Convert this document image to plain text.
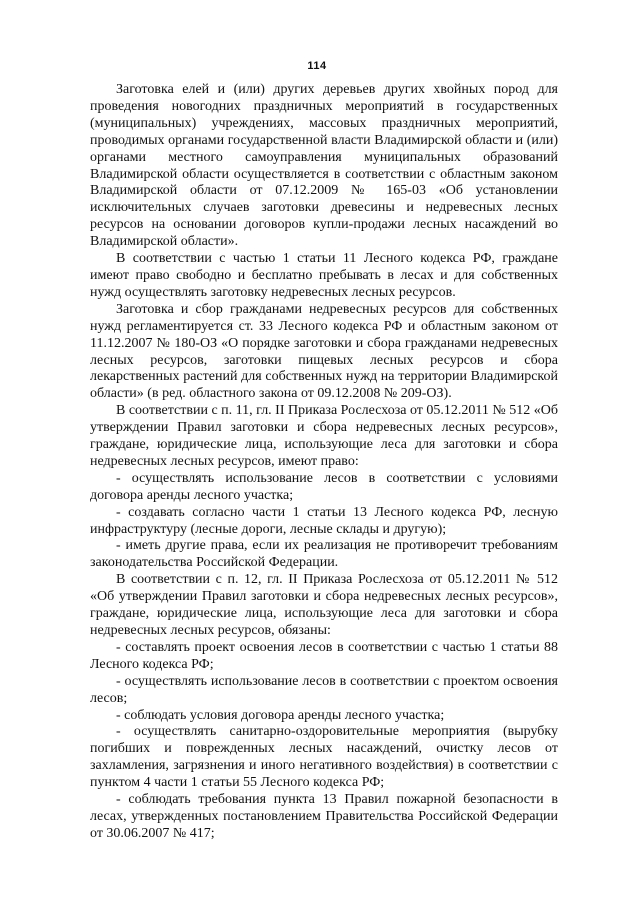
114

Заготовка елей и (или) других деревьев других хвойных пород для проведения новогодних праздничных мероприятий в государственных (муниципальных) учреждениях, массовых праздничных мероприятий, проводимых органами государственной власти Владимирской области и (или) органами местного самоуправления муниципальных образований Владимирской области осуществляется в соответствии с областным законом Владимирской области от 07.12.2009 № 165-03 «Об установлении исключительных случаев заготовки древесины и недревесных лесных ресурсов на основании договоров купли-продажи лесных насаждений во Владимирской области».

В соответствии с частью 1 статьи 11 Лесного кодекса РФ, граждане имеют право свободно и бесплатно пребывать в лесах и для собственных нужд осуществлять заготовку недревесных лесных ресурсов.

Заготовка и сбор гражданами недревесных ресурсов для собственных нужд регламентируется ст. 33 Лесного кодекса РФ и областным законом от 11.12.2007 № 180-ОЗ «О порядке заготовки и сбора гражданами недревесных лесных ресурсов, заготовки пищевых лесных ресурсов и сбора лекарственных растений для собственных нужд на территории Владимирской области» (в ред. областного закона от 09.12.2008 № 209-ОЗ).

В соответствии с п. 11, гл. II Приказа Рослесхоза от 05.12.2011 № 512 «Об утверждении Правил заготовки и сбора недревесных лесных ресурсов», граждане, юридические лица, использующие леса для заготовки и сбора недревесных лесных ресурсов, имеют право:

- осуществлять использование лесов в соответствии с условиями договора аренды лесного участка;

- создавать согласно части 1 статьи 13 Лесного кодекса РФ, лесную инфраструктуру (лесные дороги, лесные склады и другую);

- иметь другие права, если их реализация не противоречит требованиям законодательства Российской Федерации.

В соответствии с п. 12, гл. II Приказа Рослесхоза от 05.12.2011 № 512 «Об утверждении Правил заготовки и сбора недревесных лесных ресурсов», граждане, юридические лица, использующие леса для заготовки и сбора недревесных лесных ресурсов, обязаны:

- составлять проект освоения лесов в соответствии с частью 1 статьи 88 Лесного кодекса РФ;

- осуществлять использование лесов в соответствии с проектом освоения лесов;

- соблюдать условия договора аренды лесного участка;

- осуществлять санитарно-оздоровительные мероприятия (вырубку погибших и поврежденных лесных насаждений, очистку лесов от захламления, загрязнения и иного негативного воздействия) в соответствии с пунктом 4 части 1 статьи 55 Лесного кодекса РФ;

- соблюдать требования пункта 13 Правил пожарной безопасности в лесах, утвержденных постановлением Правительства Российской Федерации от 30.06.2007 № 417;
